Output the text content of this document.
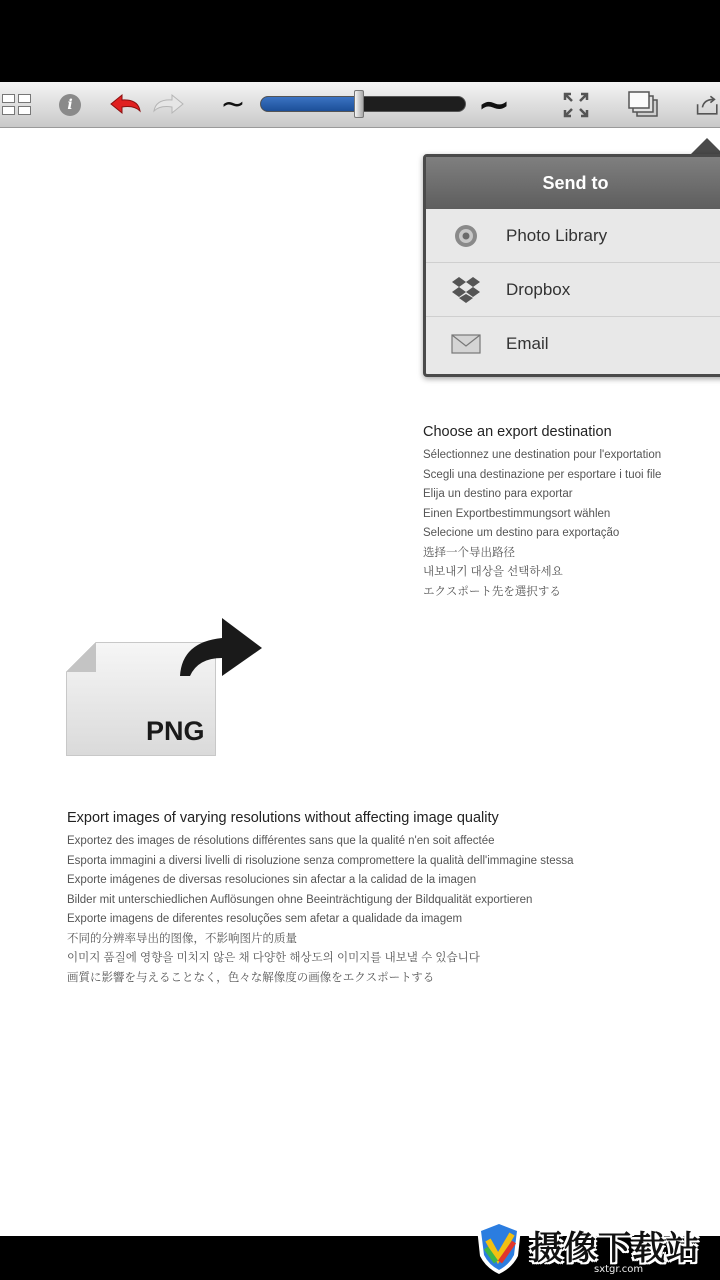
i	~	~
Send to
Photo Library
Dropbox
Email
Choose an export destination
Sélectionnez une destination pour l'exportation
Scegli una destinazione per esportare i tuoi file
Elija un destino para exportar
Einen Exportbestimmungsort wählen
Selecione um destino para exportação
选择一个导出路径
내보내기 대상을 선택하세요
エクスポート先を選択する
PNG
Export images of varying resolutions without affecting image quality
Exportez des images de résolutions différentes sans que la qualité n'en soit affectée
Esporta immagini a diversi livelli di risoluzione senza compromettere la qualità dell'immagine stessa
Exporte imágenes de diversas resoluciones sin afectar a la calidad de la imagen
Bilder mit unterschiedlichen Auflösungen ohne Beeinträchtigung der Bildqualität exportieren
Exporte imagens de diferentes resoluções sem afetar a qualidade da imagem
不同的分辨率导出的图像，不影响图片的质量
이미지 품질에 영향을 미치지 않은 채 다양한 해상도의 이미지를 내보낼 수 있습니다
画質に影響を与えることなく，色々な解像度の画像をエクスポートする
摄像下载站
sxtgr.com
